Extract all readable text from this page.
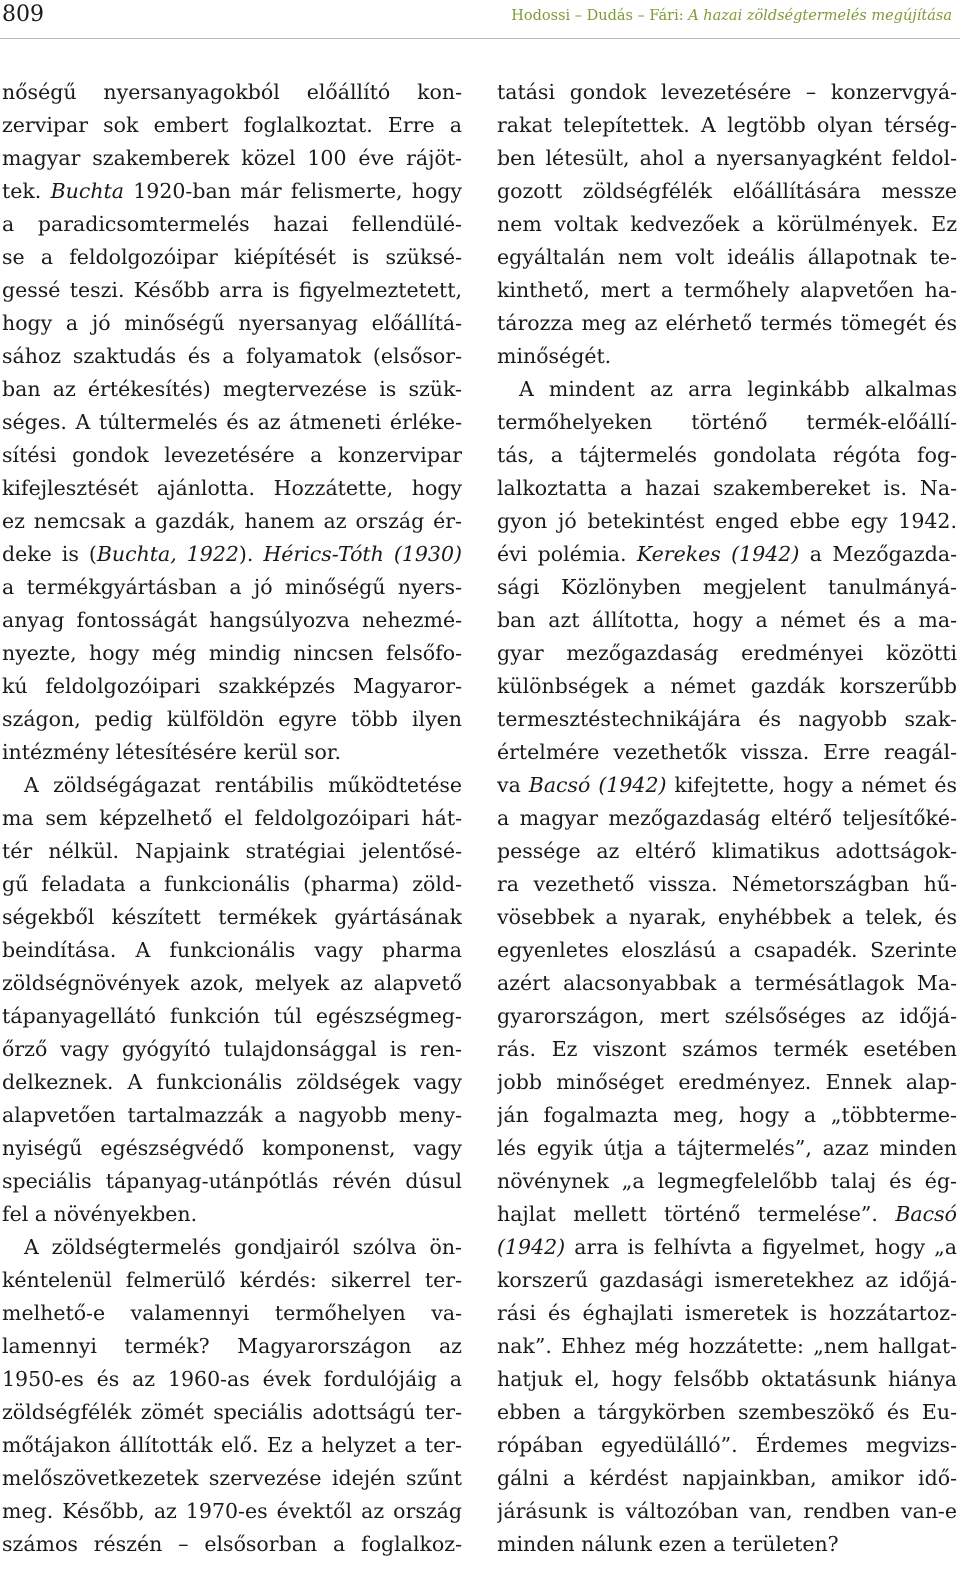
809	Hodossi – Dudás – Fári: A hazai zöldségtermelés megújítása
nőségű nyersanyagokból előállító kon-
zervipar sok embert foglalkoztat. Erre a
magyar szakemberek közel 100 éve rájöt-
tek. Buchta 1920-ban már felismerte, hogy
a paradicsomtermelés hazai fellendülé-
se a feldolgozóipar kiépítését is szüksé-
gessé teszi. Később arra is figyelmeztetett,
hogy a jó minőségű nyersanyag előállítá-
sához szaktudás és a folyamatok (elsősor-
ban az értékesítés) megtervezése is szük-
séges. A túltermelés és az átmeneti érléke-
sítési gondok levezetésére a konzervipar
kifejlesztését ajánlotta. Hozzátette, hogy
ez nemcsak a gazdák, hanem az ország ér-
deke is (Buchta, 1922). Hérics-Tóth (1930)
a termékgyártásban a jó minőségű nyers-
anyag fontosságát hangsúlyozva nehezmé-
nyezte, hogy még mindig nincsen felsőfo-
kú feldolgozóipari szakképzés Magyaror-
szágon, pedig külföldön egyre több ilyen
intézmény létesítésére kerül sor.
A zöldségágazat rentábilis működtetése
ma sem képzelhető el feldolgozóipari hát-
tér nélkül. Napjaink stratégiai jelentősé-
gű feladata a funkcionális (pharma) zöld-
ségekből készített termékek gyártásának
beindítása. A funkcionális vagy pharma
zöldségnövények azok, melyek az alapvető
tápanyagellátó funkción túl egészségmeg-
őrző vagy gyógyító tulajdonsággal is ren-
delkeznek. A funkcionális zöldségek vagy
alapvetően tartalmazzák a nagyobb meny-
nyiségű egészségvédő komponenst, vagy
speciális tápanyag-utánpótlás révén dúsul
fel a növényekben.
A zöldségtermelés gondjairól szólva ön-
kéntelenül felmerülő kérdés: sikerrel ter-
melhető-e valamennyi termőhelyen va-
lamennyi termék? Magyarországon az
1950-es és az 1960-as évek fordulójáig a
zöldségfélék zömét speciális adottságú ter-
mőtájakon állították elő. Ez a helyzet a ter-
melőszövetkezetek szervezése idején szűnt
meg. Később, az 1970-es évektől az ország
számos részén – elsősorban a foglalkoz-
tatási gondok levezetésére – konzervgyá-
rakat telepítettek. A legtöbb olyan térség-
ben létesült, ahol a nyersanyagként feldol-
gozott zöldségfélék előállítására messze
nem voltak kedvezőek a körülmények. Ez
egyáltalán nem volt ideális állapotnak te-
kinthető, mert a termőhely alapvetően ha-
tározza meg az elérhető termés tömegét és
minőségét.
A mindent az arra leginkább alkalmas
termőhelyeken történő termék-előállí-
tás, a tájtermelés gondolata régóta fog-
lalkoztatta a hazai szakembereket is. Na-
gyon jó betekintést enged ebbe egy 1942.
évi polémia. Kerekes (1942) a Mezőgazda-
sági Közlönyben megjelent tanulmányá-
ban azt állította, hogy a német és a ma-
gyar mezőgazdaság eredményei közötti
különbségek a német gazdák korszerűbb
termesztéstechnikájára és nagyobb szak-
értelmére vezethetők vissza. Erre reagál-
va Bacsó (1942) kifejtette, hogy a német és
a magyar mezőgazdaság eltérő teljesítőké-
pessége az eltérő klimatikus adottságok-
ra vezethető vissza. Németországban hű-
vösebbek a nyarak, enyhébbek a telek, és
egyenletes eloszlású a csapadék. Szerinte
azért alacsonyabbak a termésátlagok Ma-
gyarországon, mert szélsőséges az időjá-
rás. Ez viszont számos termék esetében
jobb minőséget eredményez. Ennek alap-
ján fogalmazta meg, hogy a „többterme-
lés egyik útja a tájtermelés”, azaz minden
növénynek „a legmegfelelőbb talaj és ég-
hajlat mellett történő termelése”. Bacsó
(1942) arra is felhívta a figyelmet, hogy „a
korszerű gazdasági ismeretekhez az időjá-
rási és éghajlati ismeretek is hozzátartoz-
nak”. Ehhez még hozzátette: „nem hallgat-
hatjuk el, hogy felsőbb oktatásunk hiánya
ebben a tárgykörben szembeszökő és Eu-
rópában egyedülálló”. Érdemes megvizs-
gálni a kérdést napjainkban, amikor idő-
járásunk is változóban van, rendben van-e
minden nálunk ezen a területen?
